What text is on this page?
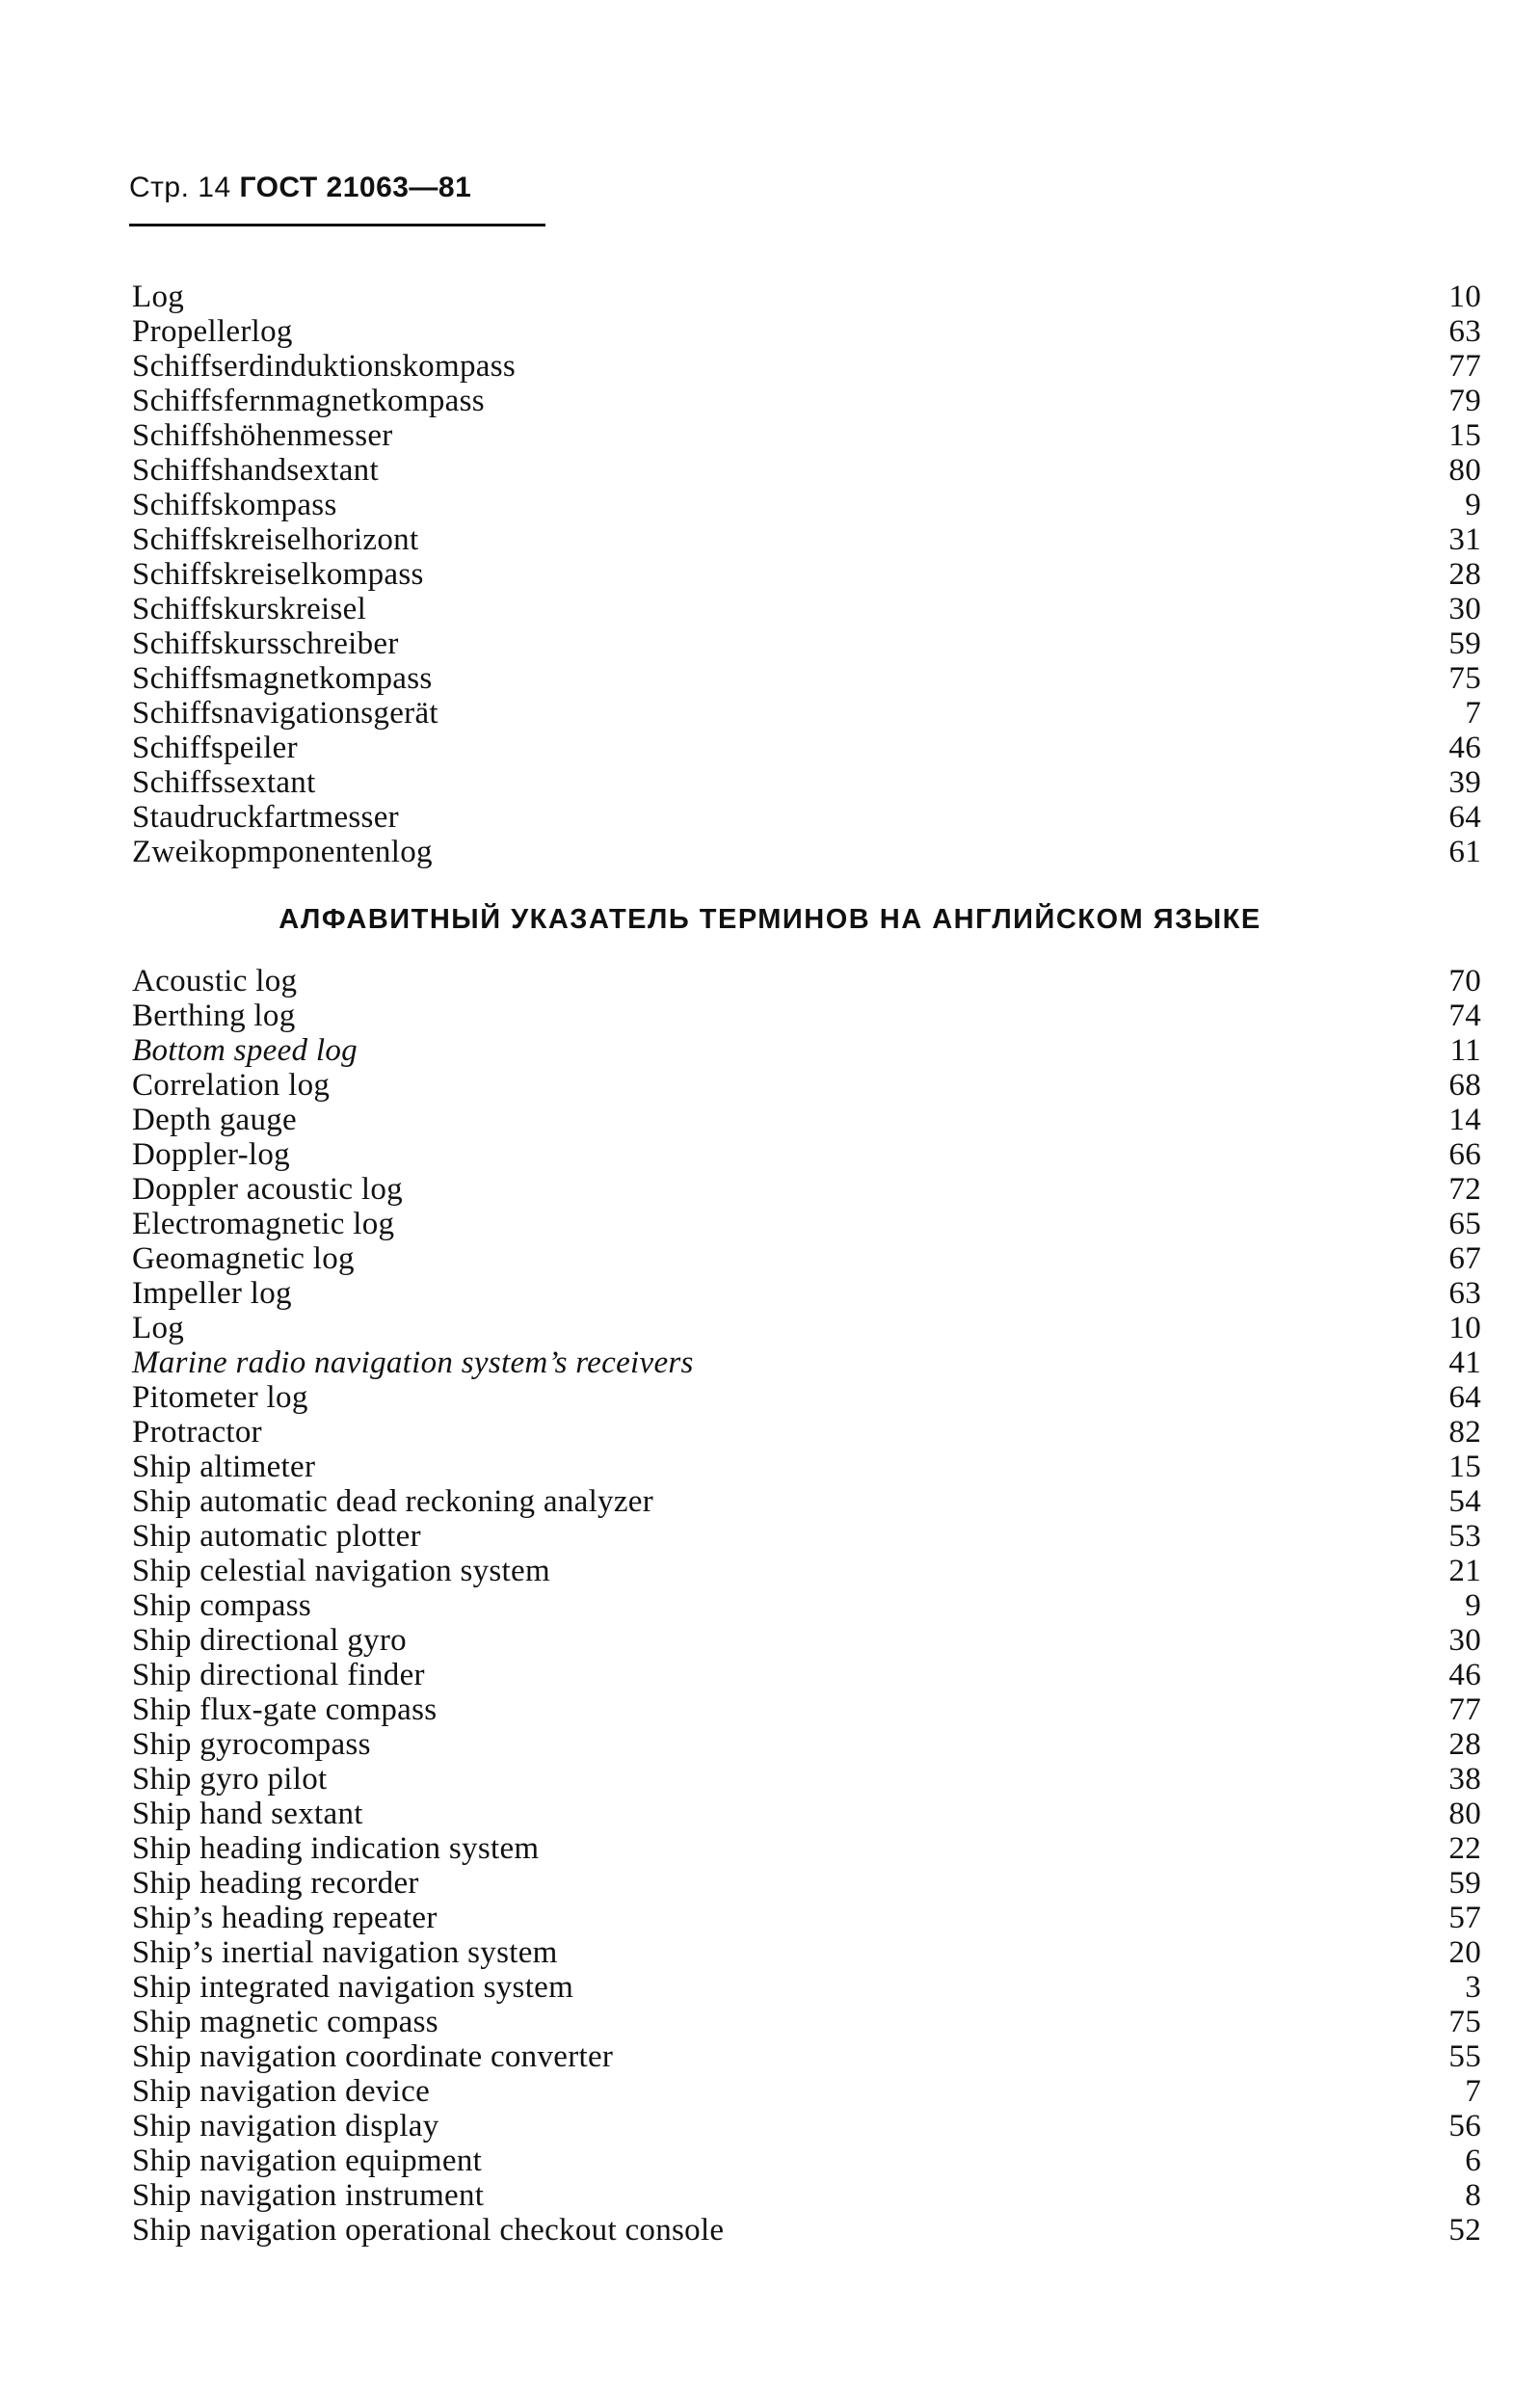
Стр. 14 ГОСТ 21063—81
Log	10
Propellerlog	63
Schiffserdinduktionskompass	77
Schiffsfernmagnetkompass	79
Schiffshöhenmesser	15
Schiffshandsextant	80
Schiffskompass	9
Schiffskreiselhorizont	31
Schiffskreiselkompass	28
Schiffskurskreisel	30
Schiffskursschreiber	59
Schiffsmagnetkompass	75
Schiffsnavigationsgerät	7
Schiffspeiler	46
Schiffssextant	39
Staudruckfartmesser	64
Zweikopmponentenlog	61
АЛФАВИТНЫЙ УКАЗАТЕЛЬ ТЕРМИНОВ НА АНГЛИЙСКОМ ЯЗЫКЕ
Acoustic log	70
Berthing log	74
Bottom speed log	11
Correlation log	68
Depth gauge	14
Doppler-log	66
Doppler acoustic log	72
Electromagnetic log	65
Geomagnetic log	67
Impeller log	63
Log	10
Marine radio navigation system’s receivers	41
Pitometer log	64
Protractor	82
Ship altimeter	15
Ship automatic dead reckoning analyzer	54
Ship automatic plotter	53
Ship celestial navigation system	21
Ship compass	9
Ship directional gyro	30
Ship directional finder	46
Ship flux-gate compass	77
Ship gyrocompass	28
Ship gyro pilot	38
Ship hand sextant	80
Ship heading indication system	22
Ship heading recorder	59
Ship’s heading repeater	57
Ship’s inertial navigation system	20
Ship integrated navigation system	3
Ship magnetic compass	75
Ship navigation coordinate converter	55
Ship navigation device	7
Ship navigation display	56
Ship navigation equipment	6
Ship navigation instrument	8
Ship navigation operational checkout console	52
